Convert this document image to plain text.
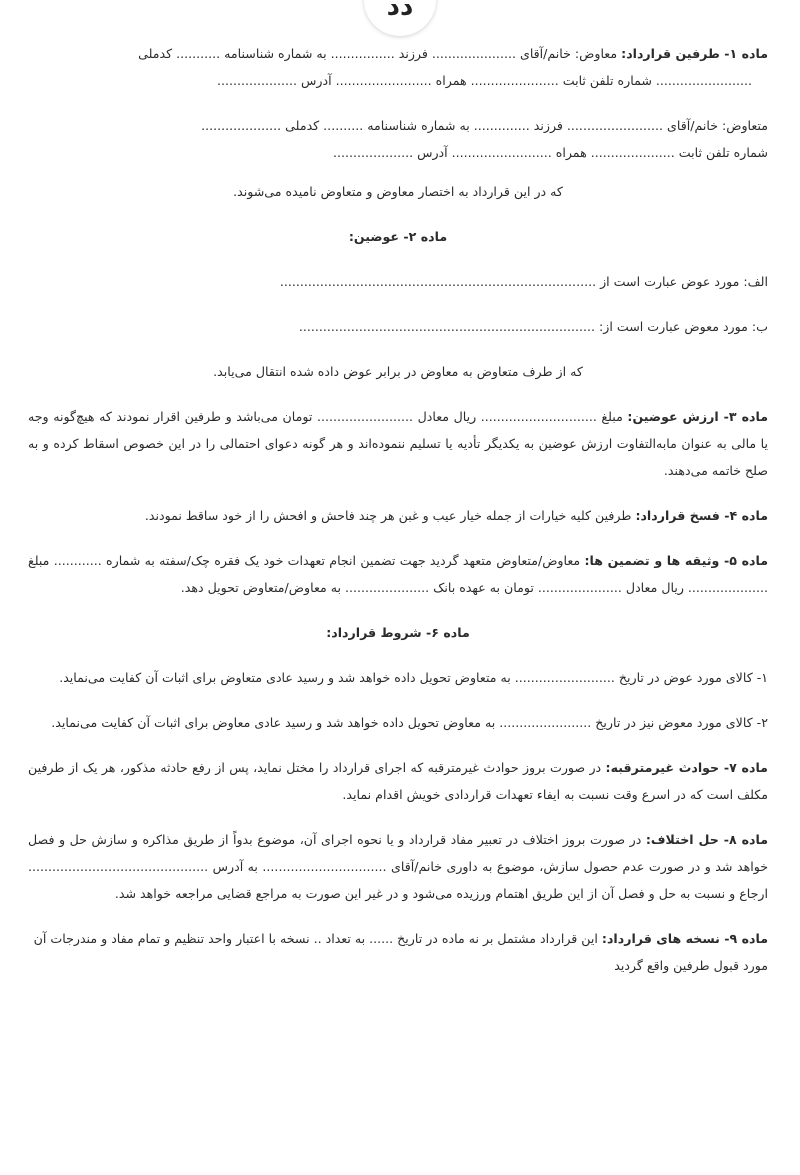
دد

ماده ۱- طرفین قرارداد: معاوض: خانم/آقای ..................... فرزند ................ به شماره شناسنامه ........... کدملی

........................ شماره تلفن ثابت ...................... همراه ........................ آدرس ....................

متعاوض: خانم/آقای ........................ فرزند .............. به شماره شناسنامه .......... کدملی ....................

شماره تلفن ثابت ..................... همراه ......................... آدرس ....................

که در این قرارداد به اختصار معاوض و متعاوض نامیده می‌شوند.

ماده ۲- عوضین:

الف: مورد عوض عبارت است از ...............................................................................

ب: مورد معوض عبارت است از: ..........................................................................

که از طرف متعاوض به معاوض در برابر عوض داده شده انتقال می‌یابد.

ماده ۳- ارزش عوضین: مبلغ ............................. ریال معادل ........................ تومان می‌باشد و طرفین اقرار نمودند که هیچ‌گونه وجه یا مالی به عنوان مابه‌التفاوت ارزش عوضین به یکدیگر تأدیه یا تسلیم ننموده‌اند و هر گونه دعوای احتمالی را در این خصوص اسقاط کرده و به صلح خاتمه می‌دهند.

ماده ۴- فسخ قرارداد: طرفین کلیه خیارات از جمله خیار عیب و غبن هر چند فاحش و افحش را از خود ساقط نمودند.

ماده ۵- وثیقه ها و تضمین ها: معاوض/متعاوض متعهد گردید جهت تضمین انجام تعهدات خود یک فقره چک/سفته به شماره ............ مبلغ .................... ریال معادل ..................... تومان به عهده بانک ..................... به معاوض/متعاوض تحویل دهد.

ماده ۶- شروط قرارداد:

۱- کالای مورد عوض در تاریخ ......................... به متعاوض تحویل داده خواهد شد و رسید عادی متعاوض برای اثبات آن کفایت می‌نماید.

۲- کالای مورد معوض نیز در تاریخ ....................... به معاوض تحویل داده خواهد شد و رسید عادی معاوض برای اثبات آن کفایت می‌نماید.

ماده ۷- حوادث غیرمترقبه: در صورت بروز حوادث غیرمترقبه که اجرای قرارداد را مختل نماید، پس از رفع حادثه مذکور، هر یک از طرفین مکلف است که در اسرع وقت نسبت به ایفاء تعهدات قراردادی خویش اقدام نماید.

ماده ۸- حل اختلاف: در صورت بروز اختلاف در تعبیر مفاد قرارداد و یا نحوه اجرای آن، موضوع بدواً از طریق مذاکره و سازش حل و فصل خواهد شد و در صورت عدم حصول سازش، موضوع به داوری خانم/آقای ............................... به آدرس ............................................. ارجاع و نسبت به حل و فصل آن از این طریق اهتمام ورزیده می‌شود و در غیر این صورت به مراجع قضایی مراجعه خواهد شد.

ماده ۹- نسخه های قرارداد: این قرارداد مشتمل بر نه ماده در تاریخ ...... به تعداد .. نسخه با اعتبار واحد تنظیم و تمام مفاد و مندرجات آن مورد قبول طرفین واقع گردید
